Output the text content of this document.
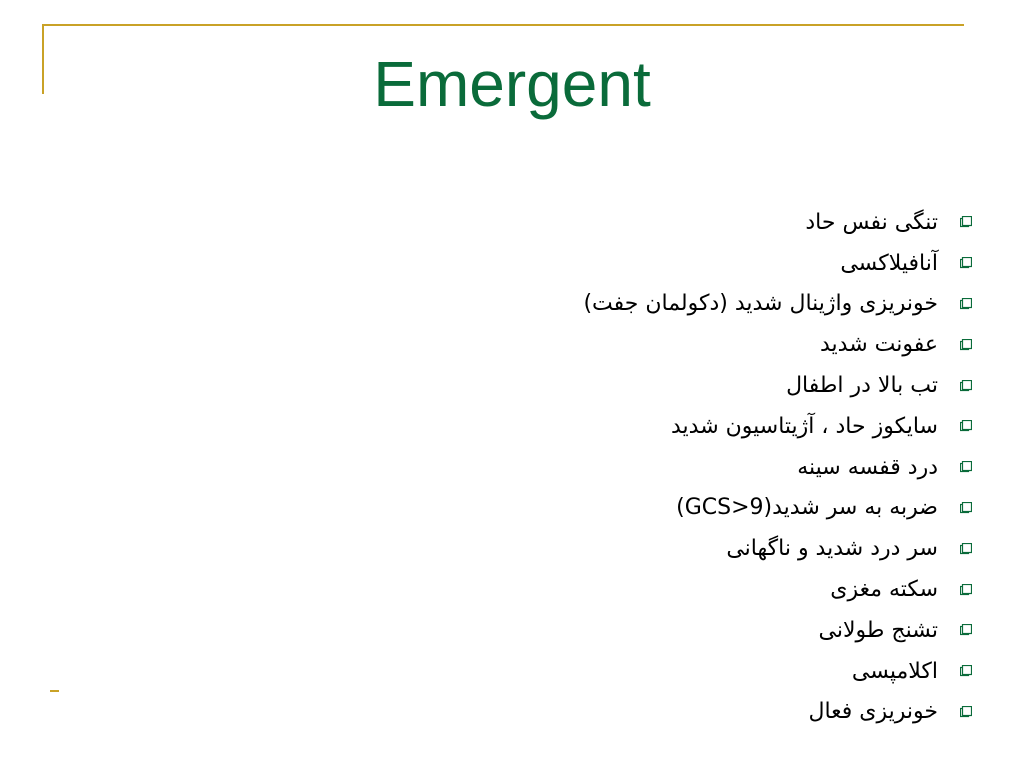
Emergent
تنگی نفس حاد
آنافیلاکسی
خونریزی واژینال شدید (دکولمان جفت)
عفونت شدید
تب بالا در اطفال
سایکوز حاد ، آژیتاسیون شدید
درد قفسه سینه
ضربه به سر شدید(GCS>9)
سر درد شدید و ناگهانی
سکته مغزی
تشنج طولانی
اکلامپسی
خونریزی فعال
